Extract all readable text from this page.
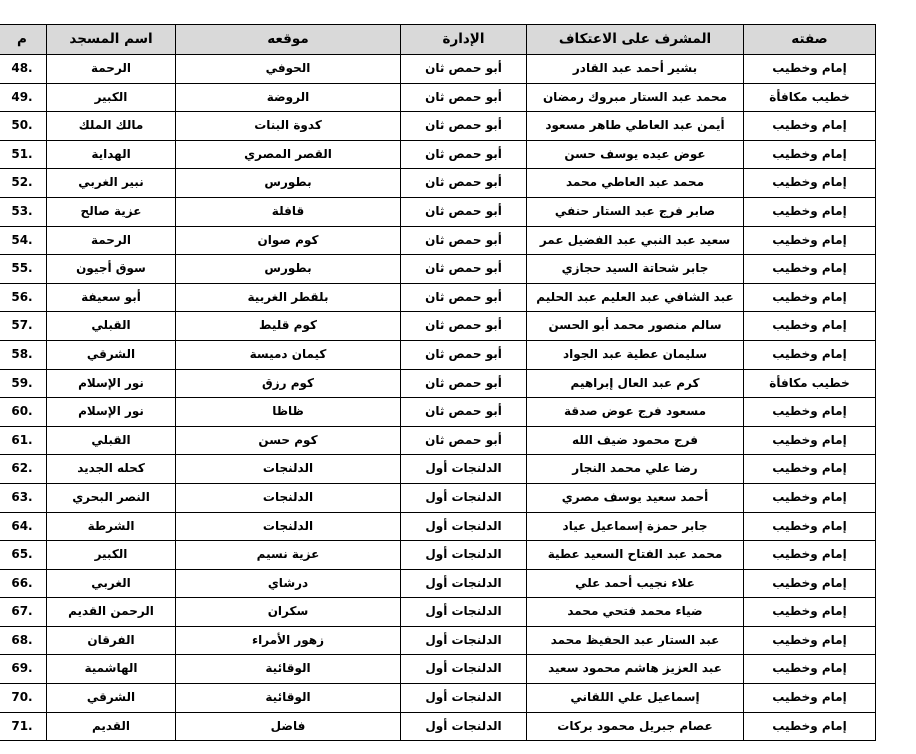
صفته	المشرف على الاعتكاف	الإدارة	موقعه	اسم المسجد	م
إمام وخطيب	بشير أحمد عبد القادر	أبو حمص ثان	الحوفي	الرحمة	48.
خطيب مكافأة	محمد عبد الستار مبروك رمضان	أبو حمص ثان	الروضة	الكبير	49.
إمام وخطيب	أيمن عبد العاطي طاهر مسعود	أبو حمص ثان	كدوة البنات	مالك الملك	50.
إمام وخطيب	عوض عيده يوسف حسن	أبو حمص ثان	القصر المصري	الهداية	51.
إمام وخطيب	محمد عبد العاطي محمد	أبو حمص ثان	بطورس	نبير الغربي	52.
إمام وخطيب	صابر فرج عبد الستار حنفي	أبو حمص ثان	قافلة	عزية صالح	53.
إمام وخطيب	سعيد عبد النبي عبد الفضيل عمر	أبو حمص ثان	كوم صوان	الرحمة	54.
إمام وخطيب	جابر شحاتة السيد حجازي	أبو حمص ثان	بطورس	سوق أجيون	55.
إمام وخطيب	عبد الشافي عبد العليم عبد الحليم	أبو حمص ثان	بلقطر الغربية	أبو سعيفة	56.
إمام وخطيب	سالم منصور محمد أبو الحسن	أبو حمص ثان	كوم قليط	القبلي	57.
إمام وخطيب	سليمان عطية عبد الجواد	أبو حمص ثان	كيمان دميسة	الشرقي	58.
خطيب مكافأة	كرم عبد العال إبراهيم	أبو حمص ثان	كوم رزق	نور الإسلام	59.
إمام وخطيب	مسعود فرج عوض صدقة	أبو حمص ثان	ظاظا	نور الإسلام	60.
إمام وخطيب	فرج محمود ضيف الله	أبو حمص ثان	كوم حسن	القبلي	61.
إمام وخطيب	رضا علي محمد النجار	الدلنجات أول	الدلنجات	كحله الجديد	62.
إمام وخطيب	أحمد سعيد يوسف مصري	الدلنجات أول	الدلنجات	النصر البحري	63.
إمام وخطيب	جابر حمزة إسماعيل عياد	الدلنجات أول	الدلنجات	الشرطة	64.
إمام وخطيب	محمد عبد الفتاح السعيد عطية	الدلنجات أول	عزية نسيم	الكبير	65.
إمام وخطيب	علاء نجيب أحمد علي	الدلنجات أول	درشاي	الغربي	66.
إمام وخطيب	ضياء محمد فتحي محمد	الدلنجات أول	سكران	الرحمن القديم	67.
إمام وخطيب	عبد الستار عبد الحفيظ محمد	الدلنجات أول	زهور الأمراء	الفرقان	68.
إمام وخطيب	عبد العزيز هاشم محمود سعيد	الدلنجات أول	الوقائية	الهاشمية	69.
إمام وخطيب	إسماعيل علي اللقاني	الدلنجات أول	الوقائية	الشرقي	70.
إمام وخطيب	عصام جبريل محمود بركات	الدلنجات أول	فاضل	القديم	71.
